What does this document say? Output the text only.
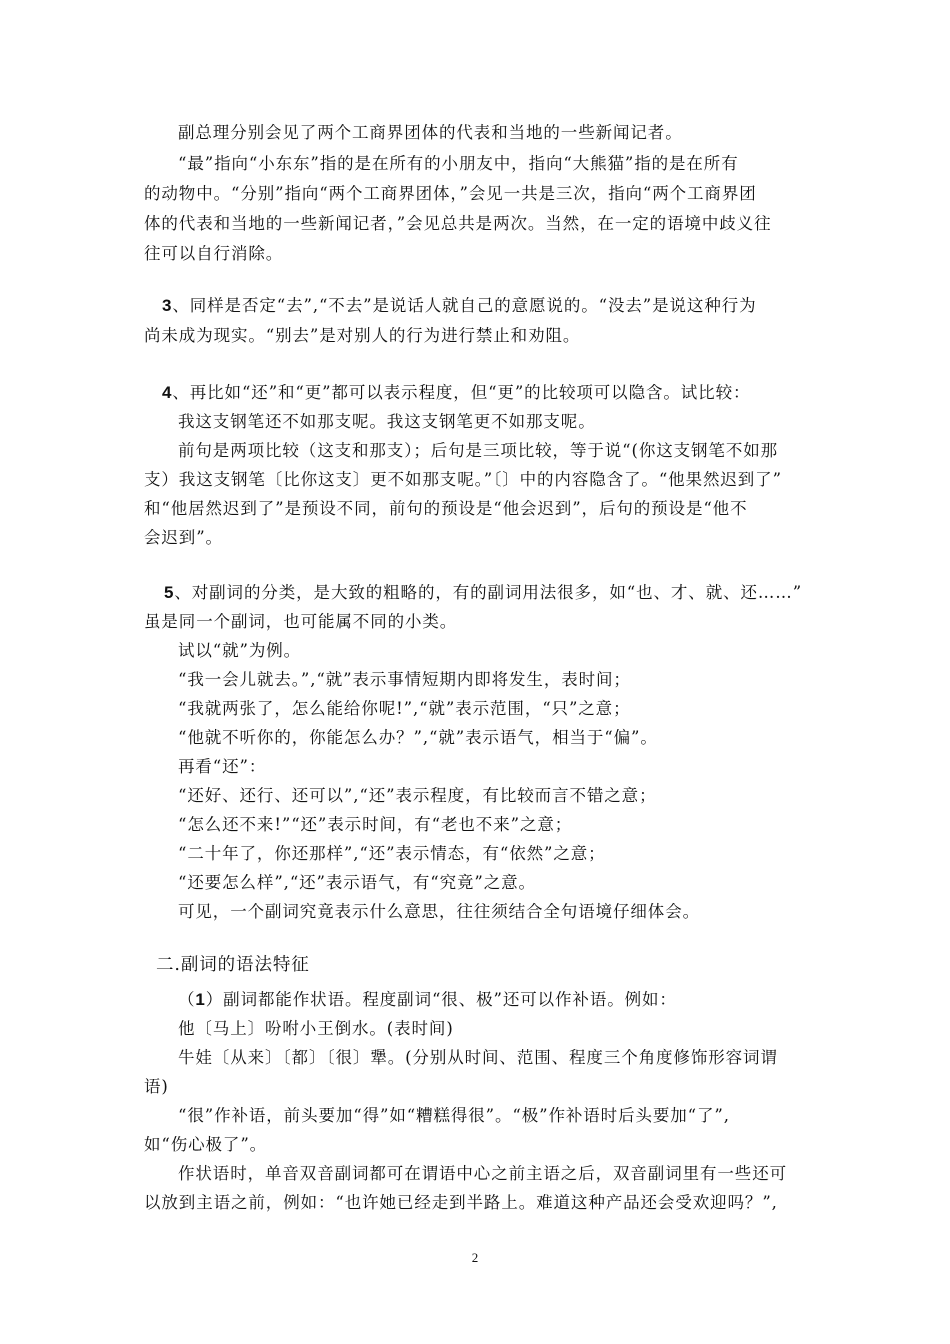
副总理分别会见了两个工商界团体的代表和当地的一些新闻记者。
“最”指向“小东东”指的是在所有的小朋友中，指向“大熊猫”指的是在所有
的动物中。“分别”指向“两个工商界团体，”会见一共是三次，指向“两个工商界团
体的代表和当地的一些新闻记者，”会见总共是两次。当然，在一定的语境中歧义往
往可以自行消除。
3、同样是否定“去”,“不去”是说话人就自己的意愿说的。“没去”是说这种行为
尚未成为现实。“别去”是对别人的行为进行禁止和劝阻。
4、再比如“还”和“更”都可以表示程度，但“更”的比较项可以隐含。试比较：
我这支钢笔还不如那支呢。我这支钢笔更不如那支呢。
前句是两项比较（这支和那支）；后句是三项比较，等于说“(你这支钢笔不如那
支）我这支钢笔〔比你这支〕更不如那支呢。”〔〕中的内容隐含了。“他果然迟到了”
和“他居然迟到了”是预设不同，前句的预设是“他会迟到”，后句的预设是“他不
会迟到”。
5、对副词的分类，是大致的粗略的，有的副词用法很多，如“也、才、就、还……”
虽是同一个副词，也可能属不同的小类。
试以“就”为例。
“我一会儿就去。”,“就”表示事情短期内即将发生，表时间；
“我就两张了，怎么能给你呢!”,“就”表示范围，“只”之意；
“他就不听你的，你能怎么办？”,“就”表示语气，相当于“偏”。
再看“还”：
“还好、还行、还可以”,“还”表示程度，有比较而言不错之意；
“怎么还不来!”“还”表示时间，有“老也不来”之意；
“二十年了，你还那样”,“还”表示情态，有“依然”之意；
“还要怎么样”,“还”表示语气，有“究竟”之意。
可见，一个副词究竟表示什么意思，往往须结合全句语境仔细体会。
二.副词的语法特征
（1）副词都能作状语。程度副词“很、极”还可以作补语。例如：
他〔马上〕吩咐小王倒水。(表时间)
牛娃〔从来〕〔都〕〔很〕犟。(分别从时间、范围、程度三个角度修饰形容词谓
语)
“很”作补语，前头要加“得”如“糟糕得很”。“极”作补语时后头要加“了”,
如“伤心极了”。
作状语时，单音双音副词都可在谓语中心之前主语之后，双音副词里有一些还可
以放到主语之前，例如：“也许她已经走到半路上。难道这种产品还会受欢迎吗？”,
2
